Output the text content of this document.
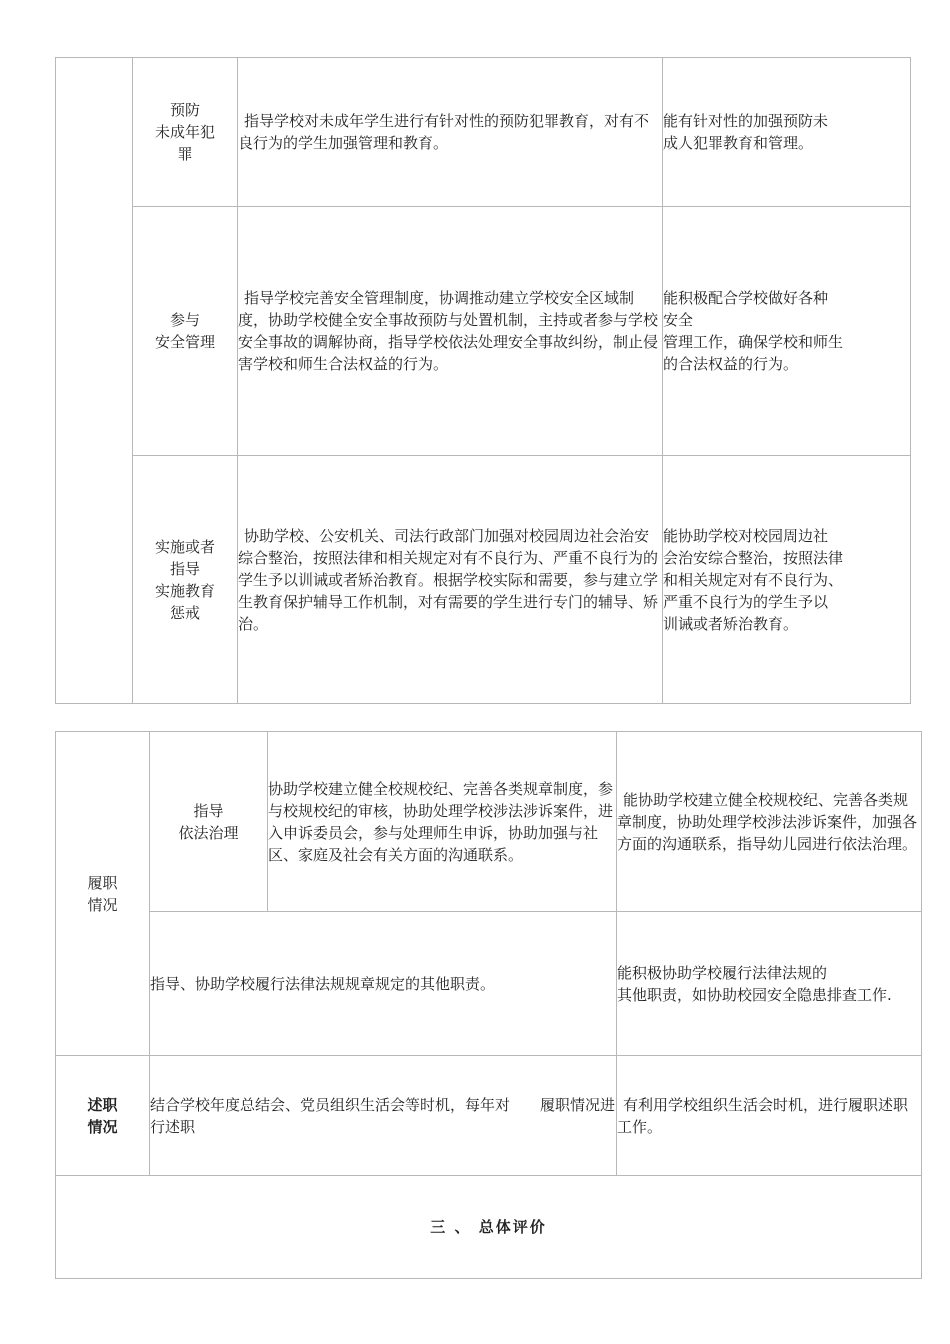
	预防
未成年犯
罪	指导学校对未成年学生进行有针对性的预防犯罪教育，对有不良行为的学生加强管理和教育。	能有针对性的加强预防未
成人犯罪教育和管理。
	参与
安全管理	指导学校完善安全管理制度，协调推动建立学校安全区域制度，协助学校健全安全事故预防与处置机制，主持或者参与学校安全事故的调解协商，指导学校依法处理安全事故纠纷，制止侵害学校和师生合法权益的行为。	能积极配合学校做好各种
安全
管理工作，确保学校和师生
的合法权益的行为。
	实施或者
指导
实施教育
惩戒	协助学校、公安机关、司法行政部门加强对校园周边社会治安综合整治，按照法律和相关规定对有不良行为、严重不良行为的学生予以训诫或者矫治教育。根据学校实际和需要，参与建立学生教育保护辅导工作机制，对有需要的学生进行专门的辅导、矫治。	能协助学校对校园周边社
会治安综合整治，按照法律
和相关规定对有不良行为、
严重不良行为的学生予以
训诫或者矫治教育。
履职
情况	指导
依法治理	协助学校建立健全校规校纪、完善各类规章制度，参与校规校纪的审核，协助处理学校涉法涉诉案件，进入申诉委员会，参与处理师生申诉，协助加强与社区、家庭及社会有关方面的沟通联系。	能协助学校建立健全校规校纪、完善各类规章制度，协助处理学校涉法涉诉案件，加强各方面的沟通联系，指导幼儿园进行依法治理。
	指导、协助学校履行法律法规规章规定的其他职责。		能积极协助学校履行法律法规的
其他职责，如协助校园安全隐患排查工作.
述职
情况	结合学校年度总结会、党员组织生活会等时机，每年对　　履职情况进行述职		有利用学校组织生活会时机，进行履职述职工作。
三 、 总体评价			
